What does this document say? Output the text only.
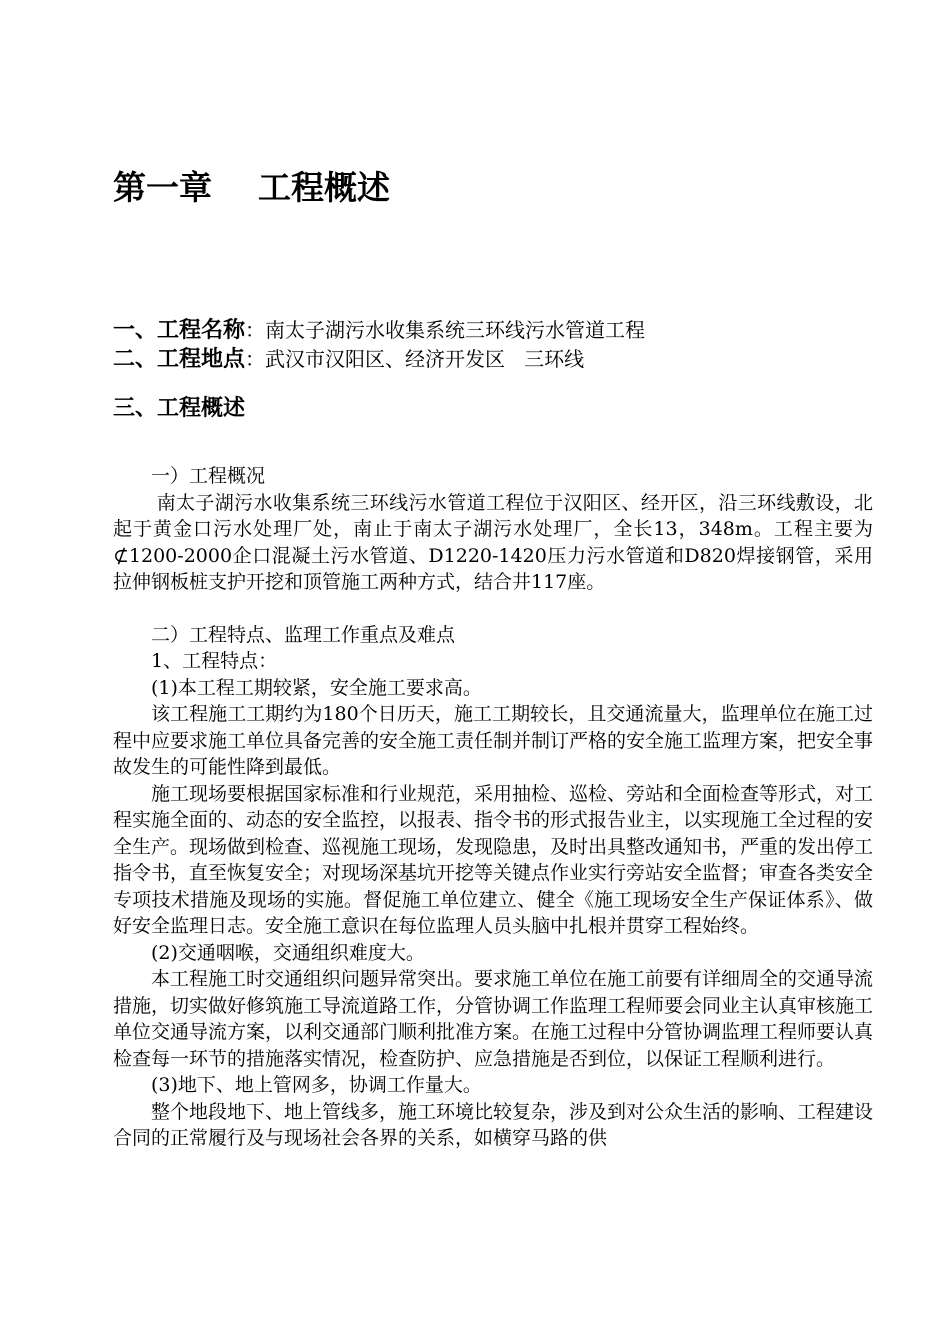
第一章    工程概述
一、工程名称：南太子湖污水收集系统三环线污水管道工程
二、工程地点：武汉市汉阳区、经济开发区   三环线
三、工程概述

一）工程概况

南太子湖污水收集系统三环线污水管道工程位于汉阳区、经开区，沿三环线敷设，北起于黄金口污水处理厂处，南止于南太子湖污水处理厂，全长13，348m。工程主要为⊄1200-2000企口混凝土污水管道、D1220-1420压力污水管道和D820焊接钢管，采用拉伸钢板桩支护开挖和顶管施工两种方式，结合井117座。

二）工程特点、监理工作重点及难点

1、工程特点：

(1)本工程工期较紧，安全施工要求高。

该工程施工工期约为180个日历天，施工工期较长，且交通流量大，监理单位在施工过程中应要求施工单位具备完善的安全施工责任制并制订严格的安全施工监理方案，把安全事故发生的可能性降到最低。

施工现场要根据国家标准和行业规范，采用抽检、巡检、旁站和全面检查等形式，对工程实施全面的、动态的安全监控，以报表、指令书的形式报告业主，以实现施工全过程的安全生产。现场做到检查、巡视施工现场，发现隐患，及时出具整改通知书，严重的发出停工指令书，直至恢复安全；对现场深基坑开挖等关键点作业实行旁站安全监督；审查各类安全专项技术措施及现场的实施。督促施工单位建立、健全《施工现场安全生产保证体系》、做好安全监理日志。安全施工意识在每位监理人员头脑中扎根并贯穿工程始终。

(2)交通咽喉，交通组织难度大。

本工程施工时交通组织问题异常突出。要求施工单位在施工前要有详细周全的交通导流措施，切实做好修筑施工导流道路工作，分管协调工作监理工程师要会同业主认真审核施工单位交通导流方案，以利交通部门顺利批准方案。在施工过程中分管协调监理工程师要认真检查每一环节的措施落实情况，检查防护、应急措施是否到位，以保证工程顺利进行。

(3)地下、地上管网多，协调工作量大。

整个地段地下、地上管线多，施工环境比较复杂，涉及到对公众生活的影响、工程建设合同的正常履行及与现场社会各界的关系，如横穿马路的供
